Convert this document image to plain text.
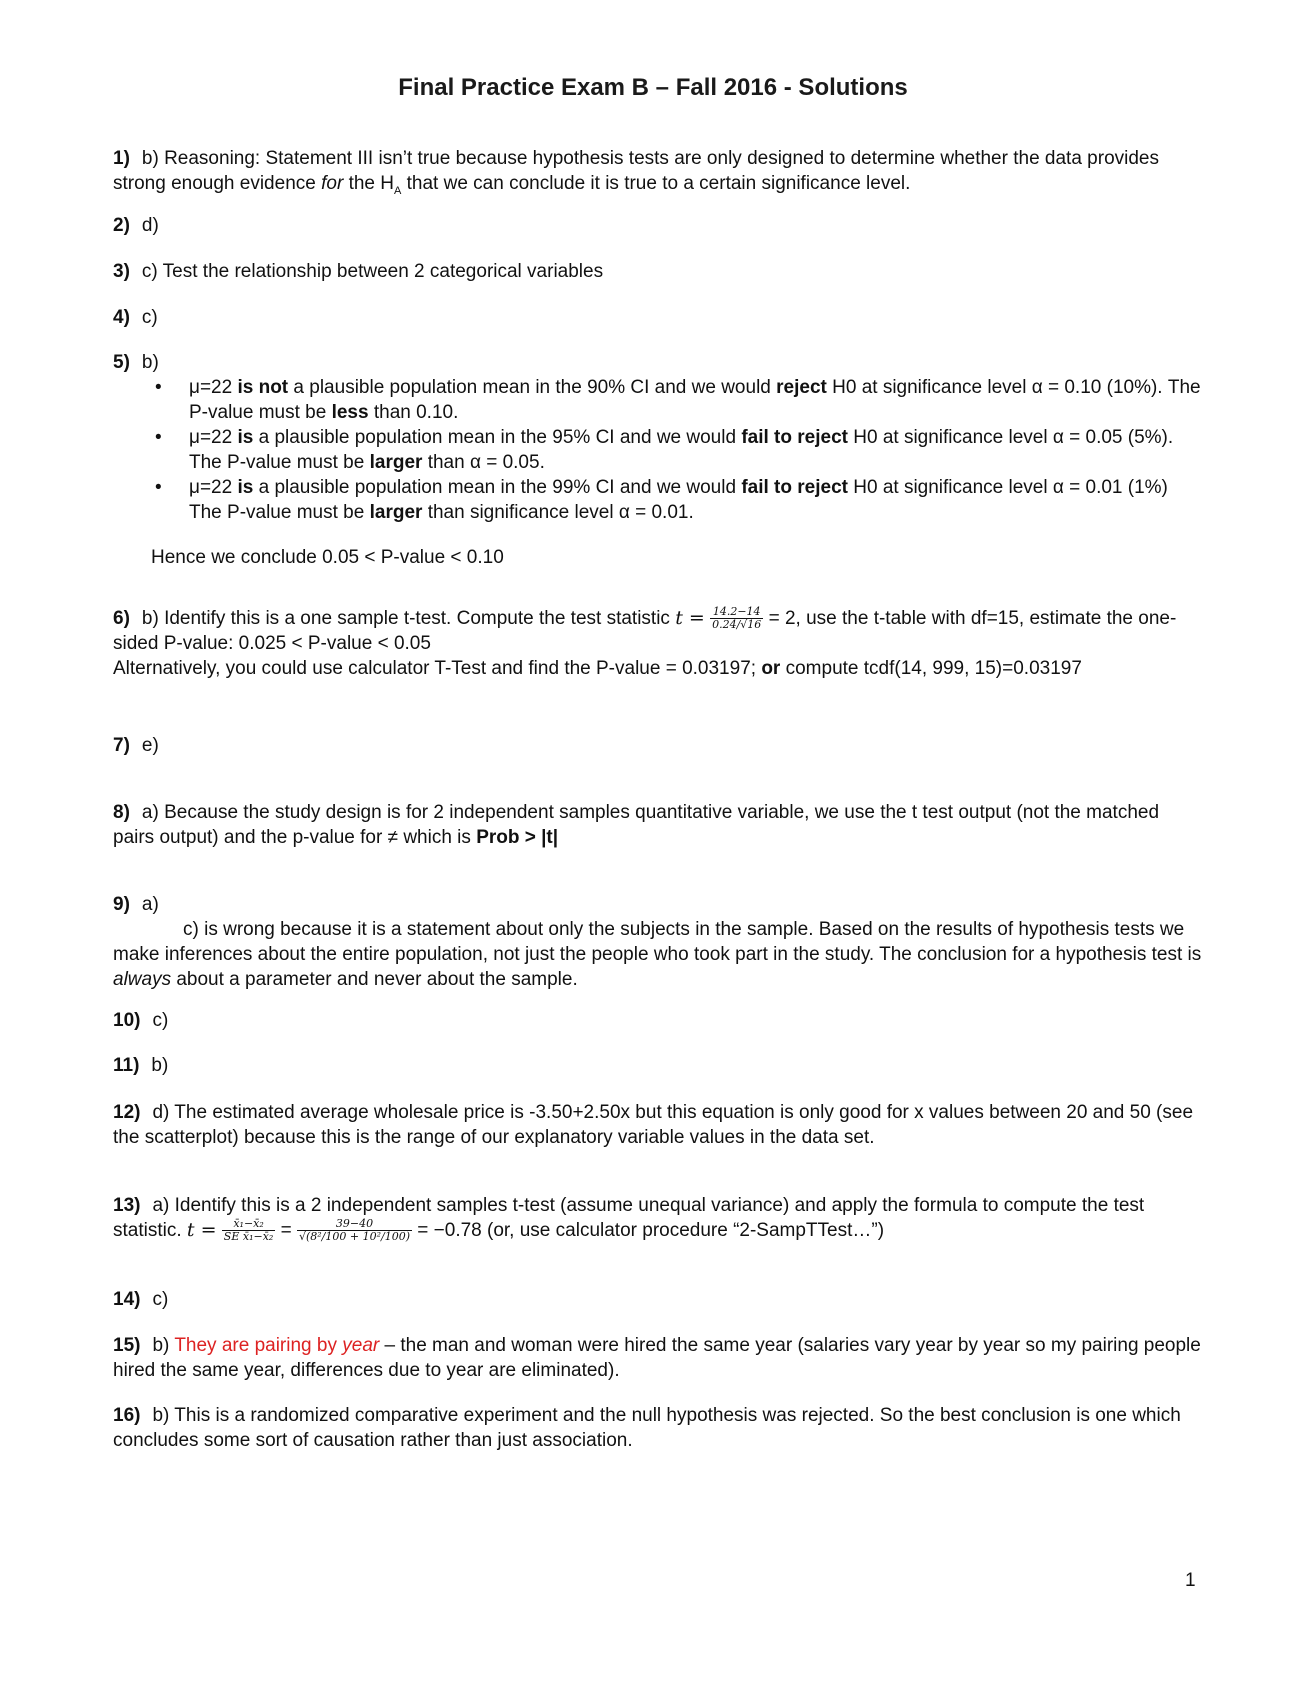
Final Practice Exam B – Fall 2016 - Solutions
1) b) Reasoning: Statement III isn’t true because hypothesis tests are only designed to determine whether the data provides strong enough evidence for the $H_A$ that we can conclude it is true to a certain significance level.
2) d)
3) c) Test the relationship between 2 categorical variables
4) c)
5) b)
• μ=22 is not a plausible population mean in the 90% CI and we would reject H0 at significance level α = 0.10 (10%). The P-value must be less than 0.10.
• μ=22 is a plausible population mean in the 95% CI and we would fail to reject H0 at significance level α = 0.05 (5%). The P-value must be larger than α = 0.05.
• μ=22 is a plausible population mean in the 99% CI and we would fail to reject H0 at significance level α = 0.01 (1%) The P-value must be larger than significance level α = 0.01.
Hence we conclude 0.05 < P-value < 0.10
6) b) Identify this is a one sample t-test. Compute the test statistic $t = \frac{14.2-14}{0.24/√16} = 2$, use the t-table with df=15, estimate the one-sided P-value: 0.025 < P-value < 0.05
Alternatively, you could use calculator T-Test and find the P-value = 0.03197; or compute tcdf(14, 999, 15)=0.03197
7) e)
8) a) Because the study design is for 2 independent samples quantitative variable, we use the t test output (not the matched pairs output) and the p-value for ≠ which is Prob > |t|
9) a)
c) is wrong because it is a statement about only the subjects in the sample. Based on the results of hypothesis tests we make inferences about the entire population, not just the people who took part in the study. The conclusion for a hypothesis test is always about a parameter and never about the sample.
10) c)
11) b)
12) d) The estimated average wholesale price is -3.50+2.50x but this equation is only good for x values between 20 and 50 (see the scatterplot) because this is the range of our explanatory variable values in the data set.
13) a) Identify this is a 2 independent samples t-test (assume unequal variance) and apply the formula to compute the test statistic. $t = \frac{\text{x̄₁−x̄₂}}{\text{SE x̄₁−x̄₂}} = \frac{39-40}{\text{√(8²/100 + 10²/100)}} = -0.78$ (or, use calculator procedure “2-SampTTest…”)
14) c)
15) b) They are pairing by year – the man and woman were hired the same year (salaries vary year by year so my pairing people hired the same year, differences due to year are eliminated).
16) b) This is a randomized comparative experiment and the null hypothesis was rejected. So the best conclusion is one which concludes some sort of causation rather than just association.
1
